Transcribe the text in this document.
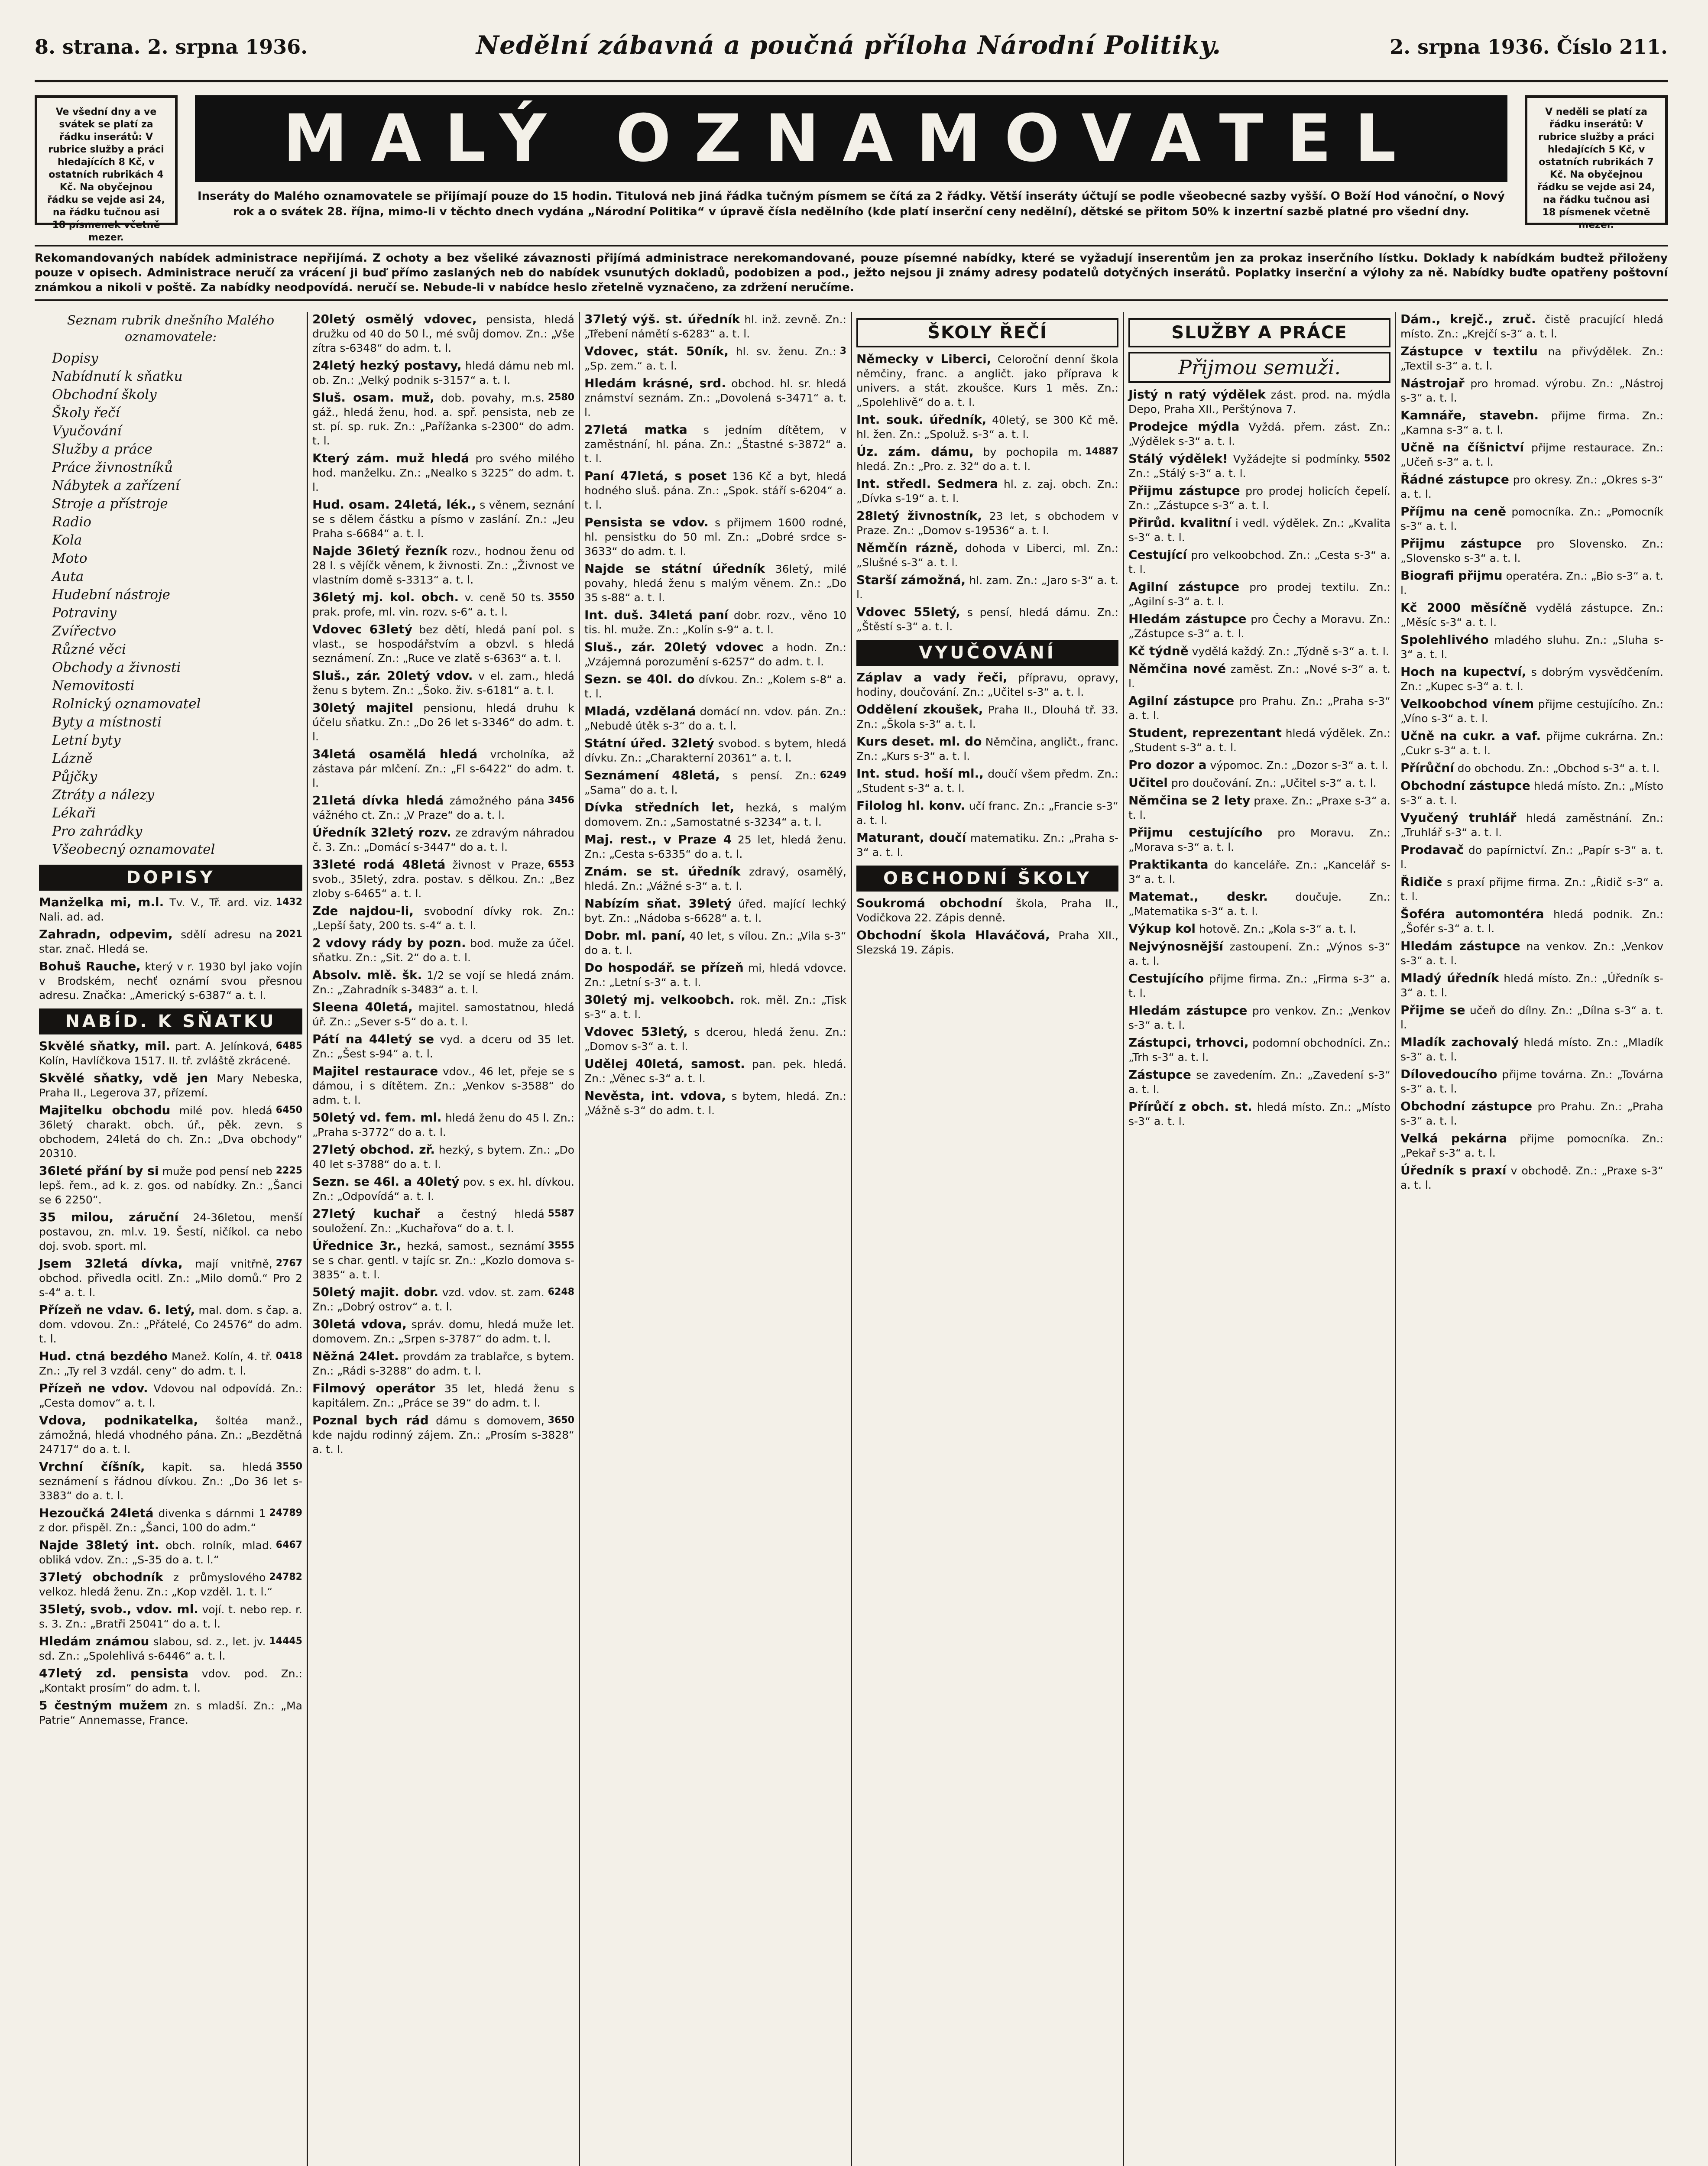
8. strana. 2. srpna 1936.	Nedělní zábavná a poučná příloha Národní Politiky.	2. srpna 1936. Číslo 211.
Ve všední dny a ve svátek se platí za řádku inserátů: V rubrice služby a práci hledajících 8 Kč, v ostatních rubrikách 4 Kč. Na obyčejnou řádku se vejde asi 24, na řádku tučnou asi 18 písmenek včetně mezer.
MALÝ OZNAMOVATEL	V neděli se platí za řádku inserátů: V rubrice služby a práci hledajících 5 Kč, v ostatních rubrikách 7 Kč. Na obyčejnou řádku se vejde asi 24, na řádku tučnou asi 18 písmenek včetně mezer.
Inseráty do Malého oznamovatele se přijímají pouze do 15 hodin. Titulová neb jiná řádka tučným písmem se čítá za 2 řádky. Větší inseráty účtují se podle všeobecné sazby vyšší. O Boží Hod vánoční, o Nový rok a o svátek 28. října, mimo-li v těchto dnech vydána „Národní Politika“ v úpravě čísla nedělního (kde platí inserční ceny nedělní), dětské se přitom 50% k inzertní sazbě platné pro všední dny.
Rekomandovaných nabídek administrace nepřijímá. Z ochoty a bez všeliké závaznosti přijímá administrace nerekomandované, pouze písemné nabídky, které se vyžadují inserentům jen za prokaz inserčního lístku. Doklady k nabídkám budtež přiloženy pouze v opisech. Administrace neručí za vrácení ji buď přímo zaslaných neb do nabídek vsunutých dokladů, podobizen a pod., ježto nejsou ji známy adresy podatelů dotyčných inserátů. Poplatky inserční a výlohy za ně. Nabídky buďte opatřeny poštovní známkou a nikoli v poště. Za nabídky neodpovídá. neručí se. Nebude-li v nabídce heslo zřetelně vyznačeno, za zdržení neručíme.
Seznam rubrik dnešního Malého oznamovatele:
Dopisy
Nabídnutí k sňatku
Obchodní školy
Školy řečí
Vyučování
Služby a práce
Práce živnostníků
Nábytek a zařízení
Stroje a přístroje
Radio
Kola
Moto
Auta
Hudební nástroje
Potraviny
Zvířectvo
Různé věci
Obchody a živnosti
Nemovitosti
Rolnický oznamovatel
Byty a místnosti
Letní byty
Lázně
Půjčky
Ztráty a nálezy
Lékaři
Pro zahrádky
Všeobecný oznamovatel
DOPISY
1432
Manželka mi, m.l. Tv. V., Tř. ard. viz. Nali. ad. ad.
2021
Zahradn, odpevim, sdělí adresu na star. znač. Hledá se.
Bohuš Rauche, který v r. 1930 byl jako vojín v Brodském, nechť oznámí svou přesnou adresu. Značka: „Americký s-6387“ a. t. l.
NABÍD. K SŇATKU
6485
Skvělé sňatky, mil. part. A. Jelínková, Kolín, Havlíčkova 1517. II. tř. zvláště zkrácené.
Skvělé sňatky, vdě jen Mary Nebeska, Praha II., Legerova 37, přízemí.
6450
Majitelku obchodu milé pov. hledá 36letý charakt. obch. úř., pěk. zevn. s obchodem, 24letá do ch. Zn.: „Dva obchody“ 20310.
2225
36leté přání by si muže pod pensí neb lepš. řem., ad k. z. gos. od nabídky. Zn.: „Šanci se 6 2250“.
35 milou, záruční 24-36letou, menší postavou, zn. ml.v. 19. Šestí, ničíkol. ca nebo doj. svob. sport. ml.
2767
Jsem 32letá dívka, mají vnitřně, obchod. přivedla ocitl. Zn.: „Milo domů.“ Pro 2 s-4“ a. t. l.
Přízeň ne vdav. 6. letý, mal. dom. s čap. a. dom. vdovou. Zn.: „Přátelé, Co 24576“ do adm. t. l.
0418
Hud. ctná bezdého Manež. Kolín, 4. tř. Zn.: „Ty rel 3 vzdál. ceny“ do adm. t. l.
Přízeň ne vdov. Vdovou nal odpovídá. Zn.: „Cesta domov“ a. t. l.
Vdova, podnikatelka, šoltéa manž., zámožná, hledá vhodného pána. Zn.: „Bezdětná 24717“ do a. t. l.
3550
Vrchní číšník, kapit. sa. hledá seznámení s řádnou dívkou. Zn.: „Do 36 let s-3383“ do a. t. l.
24789
Hezoučká 24letá divenka s dárnmi 1 z dor. přispěl. Zn.: „Šanci, 100 do adm.“
6467
Najde 38letý int. obch. rolník, mlad. obliká vdov. Zn.: „S-35 do a. t. l.“
24782
37letý obchodník z průmyslového velkoz. hledá ženu. Zn.: „Kop vzděl. 1. t. l.“
35letý, svob., vdov. ml. vojí. t. nebo rep. r. s. 3. Zn.: „Bratři 25041“ do a. t. l.
14445
Hledám známou slabou, sd. z., let. jv. sd. Zn.: „Spolehlivá s-6446“ a. t. l.
47letý zd. pensista vdov. pod. Zn.: „Kontakt prosím“ do adm. t. l.
5 čestným mužem zn. s mladší. Zn.: „Ma Patrie“ Annemasse, France.
20letý osmělý vdovec, pensista, hledá družku od 40 do 50 l., mé svůj domov. Zn.: „Vše zítra s-6348“ do adm. t. l.
24letý hezký postavy, hledá dámu neb ml. ob. Zn.: „Velký podnik s-3157“ a. t. l.
2580
Sluš. osam. muž, dob. povahy, m.s. gáž., hledá ženu, hod. a. spř. pensista, neb ze st. pí. sp. ruk. Zn.: „Pařížanka s-2300“ do adm. t. l.
Který zám. muž hledá pro svého milého hod. manželku. Zn.: „Nealko s 3225“ do adm. t. l.
Hud. osam. 24letá, lék., s věnem, seznání se s dělem částku a písmo v zaslání. Zn.: „Jeu Praha s-6684“ a. t. l.
Najde 36letý řezník rozv., hodnou ženu od 28 l. s vějíčk věnem, k živnosti. Zn.: „Živnost ve vlastním domě s-3313“ a. t. l.
3550
36letý mj. kol. obch. v. ceně 50 ts. prak. profe, ml. vin. rozv. s-6“ a. t. l.
Vdovec 63letý bez dětí, hledá paní pol. s vlast., se hospodářstvím a obzvl. s hledá seznámení. Zn.: „Ruce ve zlatě s-6363“ a. t. l.
Sluš., zár. 20letý vdov. v el. zam., hledá ženu s bytem. Zn.: „Šoko. živ. s-6181“ a. t. l.
30letý majitel pensionu, hledá druhu k účelu sňatku. Zn.: „Do 26 let s-3346“ do adm. t. l.
34letá osamělá hledá vrcholníka, až zástava pár mlčení. Zn.: „Fl s-6422“ do adm. t. l.
3456
21letá dívka hledá zámožného pána vážného ct. Zn.: „V Praze“ do a. t. l.
Úředník 32letý rozv. ze zdravým náhradou č. 3. Zn.: „Domácí s-3447“ do a. t. l.
6553
33leté rodá 48letá živnost v Praze, svob., 35letý, zdra. postav. s dělkou. Zn.: „Bez zloby s-6465“ a. t. l.
Zde najdou-li, svobodní dívky rok. Zn.: „Lepší šaty, 200 ts. s-4“ a. t. l.
2 vdovy rády by pozn. bod. muže za účel. sňatku. Zn.: „Sit. 2“ do a. t. l.
Absolv. mlě. šk. 1/2 se vojí se hledá znám. Zn.: „Zahradník s-3483“ a. t. l.
Sleena 40letá, majitel. samostatnou, hledá úř. Zn.: „Sever s-5“ do a. t. l.
Pátí na 44letý se vyd. a dceru od 35 let. Zn.: „Šest s-94“ a. t. l.
Majitel restaurace vdov., 46 let, přeje se s dámou, i s dítětem. Zn.: „Venkov s-3588“ do adm. t. l.
50letý vd. fem. ml. hledá ženu do 45 l. Zn.: „Praha s-3772“ do a. t. l.
27letý obchod. zř. hezký, s bytem. Zn.: „Do 40 let s-3788“ do a. t. l.
Sezn. se 46l. a 40letý pov. s ex. hl. dívkou. Zn.: „Odpovídá“ a. t. l.
5587
27letý kuchař a čestný hledá souložení. Zn.: „Kuchařova“ do a. t. l.
3555
Úřednice 3r., hezká, samost., seznámí se s char. gentl. v tajíc sr. Zn.: „Kozlo domova s-3835“ a. t. l.
6248
50letý majit. dobr. vzd. vdov. st. zam. Zn.: „Dobrý ostrov“ a. t. l.
30letá vdova, správ. domu, hledá muže let. domovem. Zn.: „Srpen s-3787“ do adm. t. l.
Něžná 24let. provdám za trablařce, s bytem. Zn.: „Rádi s-3288“ do adm. t. l.
Filmový operátor 35 let, hledá ženu s kapitálem. Zn.: „Práce se 39“ do adm. t. l.
3650
Poznal bych rád dámu s domovem, kde najdu rodinný zájem. Zn.: „Prosím s-3828“ a. t. l.
37letý výš. st. úředník hl. inž. zevně. Zn.: „Třebení námětí s-6283“ a. t. l.
3
Vdovec, stát. 50ník, hl. sv. ženu. Zn.: „Sp. zem.“ a. t. l.
Hledám krásné, srd. obchod. hl. sr. hledá známství seznám. Zn.: „Dovolená s-3471“ a. t. l.
27letá matka s jedním dítětem, v zaměstnání, hl. pána. Zn.: „Štastné s-3872“ a. t. l.
Paní 47letá, s poset 136 Kč a byt, hledá hodného sluš. pána. Zn.: „Spok. stáří s-6204“ a. t. l.
Pensista se vdov. s přijmem 1600 rodné, hl. pensistku do 50 ml. Zn.: „Dobré srdce s-3633“ do adm. t. l.
Najde se státní úředník 36letý, milé povahy, hledá ženu s malým věnem. Zn.: „Do 35 s-88“ a. t. l.
Int. duš. 34letá paní dobr. rozv., věno 10 tis. hl. muže. Zn.: „Kolín s-9“ a. t. l.
Sluš., zár. 20letý vdovec a hodn. Zn.: „Vzájemná porozumění s-6257“ do adm. t. l.
Sezn. se 40l. do dívkou. Zn.: „Kolem s-8“ a. t. l.
Mladá, vzdělaná domácí nn. vdov. pán. Zn.: „Nebudě útěk s-3“ do a. t. l.
Státní úřed. 32letý svobod. s bytem, hledá dívku. Zn.: „Charakterní 20361“ a. t. l.
6249
Seznámení 48letá, s pensí. Zn.: „Sama“ do a. t. l.
Dívka středních let, hezká, s malým domovem. Zn.: „Samostatné s-3234“ a. t. l.
Maj. rest., v Praze 4 25 let, hledá ženu. Zn.: „Cesta s-6335“ do a. t. l.
Znám. se st. úředník zdravý, osamělý, hledá. Zn.: „Vážné s-3“ a. t. l.
Nabízím sňat. 39letý úřed. mající lechký byt. Zn.: „Nádoba s-6628“ a. t. l.
Dobr. ml. paní, 40 let, s vílou. Zn.: „Vila s-3“ do a. t. l.
Do hospodář. se přízeň mi, hledá vdovce. Zn.: „Letní s-3“ a. t. l.
30letý mj. velkoobch. rok. měl. Zn.: „Tisk s-3“ a. t. l.
Vdovec 53letý, s dcerou, hledá ženu. Zn.: „Domov s-3“ a. t. l.
Udělej 40letá, samost. pan. pek. hledá. Zn.: „Věnec s-3“ a. t. l.
Nevěsta, int. vdova, s bytem, hledá. Zn.: „Vážně s-3“ do adm. t. l.
ŠKOLY ŘEČÍ
Německy v Liberci, Celoroční denní škola němčiny, franc. a angličt. jako příprava k univers. a stát. zkoušce. Kurs 1 měs. Zn.: „Spolehlivě“ do a. t. l.
Int. souk. úředník, 40letý, se 300 Kč mě. hl. žen. Zn.: „Spoluž. s-3“ a. t. l.
14887
Úz. zám. dámu, by pochopila m. hledá. Zn.: „Pro. z. 32“ do a. t. l.
Int. středl. Sedmera hl. z. zaj. obch. Zn.: „Dívka s-19“ a. t. l.
28letý živnostník, 23 let, s obchodem v Praze. Zn.: „Domov s-19536“ a. t. l.
Němčín rázně, dohoda v Liberci, ml. Zn.: „Slušné s-3“ a. t. l.
Starší zámožná, hl. zam. Zn.: „Jaro s-3“ a. t. l.
Vdovec 55letý, s pensí, hledá dámu. Zn.: „Štěstí s-3“ a. t. l.
VYUČOVÁNÍ
Záplav a vady řeči, přípravu, opravy, hodiny, doučování. Zn.: „Učitel s-3“ a. t. l.
Oddělení zkoušek, Praha II., Dlouhá tř. 33. Zn.: „Škola s-3“ a. t. l.
Kurs deset. ml. do Němčina, angličt., franc. Zn.: „Kurs s-3“ a. t. l.
Int. stud. hoší ml., doučí všem předm. Zn.: „Student s-3“ a. t. l.
Filolog hl. konv. učí franc. Zn.: „Francie s-3“ a. t. l.
Maturant, doučí matematiku. Zn.: „Praha s-3“ a. t. l.
OBCHODNÍ ŠKOLY
Soukromá obchodní škola, Praha II., Vodičkova 22. Zápis denně.
Obchodní škola Hlaváčová, Praha XII., Slezská 19. Zápis.
SLUŽBY A PRÁCE
Přijmou semuži.
Jistý n ratý výdělek zást. prod. na. mýdla Depo, Praha XII., Perštýnova 7.
Prodejce mýdla Vyždá. přem. zást. Zn.: „Výdělek s-3“ a. t. l.
5502
Stálý výdělek! Vyžádejte si podmínky. Zn.: „Stálý s-3“ a. t. l.
Přijmu zástupce pro prodej holicích čepelí. Zn.: „Zástupce s-3“ a. t. l.
Přirůd. kvalitní i vedl. výdělek. Zn.: „Kvalita s-3“ a. t. l.
Cestující pro velkoobchod. Zn.: „Cesta s-3“ a. t. l.
Agilní zástupce pro prodej textilu. Zn.: „Agilní s-3“ a. t. l.
Hledám zástupce pro Čechy a Moravu. Zn.: „Zástupce s-3“ a. t. l.
Kč týdně vydělá každý. Zn.: „Týdně s-3“ a. t. l.
Němčina nové zaměst. Zn.: „Nové s-3“ a. t. l.
Agilní zástupce pro Prahu. Zn.: „Praha s-3“ a. t. l.
Student, reprezentant hledá výdělek. Zn.: „Student s-3“ a. t. l.
Pro dozor a výpomoc. Zn.: „Dozor s-3“ a. t. l.
Učitel pro doučování. Zn.: „Učitel s-3“ a. t. l.
Němčina se 2 lety praxe. Zn.: „Praxe s-3“ a. t. l.
Přijmu cestujícího pro Moravu. Zn.: „Morava s-3“ a. t. l.
Praktikanta do kanceláře. Zn.: „Kancelář s-3“ a. t. l.
Matemat., deskr.	doučuje. Zn.: „Matematika s-3“ a. t. l.
Výkup kol hotově. Zn.: „Kola s-3“ a. t. l.
Nejvýnosnější zastoupení. Zn.: „Výnos s-3“ a. t. l.
Cestujícího přijme firma. Zn.: „Firma s-3“ a. t. l.
Hledám zástupce pro venkov. Zn.: „Venkov s-3“ a. t. l.
Zástupci, trhovci, podomní obchodníci. Zn.: „Trh s-3“ a. t. l.
Zástupce se zavedením. Zn.: „Zavedení s-3“ a. t. l.
Přírůčí z obch. st. hledá místo. Zn.: „Místo s-3“ a. t. l.
Dám., krejč., zruč. čistě pracující hledá místo. Zn.: „Krejčí s-3“ a. t. l.
Zástupce v textilu na přivýdělek. Zn.: „Textil s-3“ a. t. l.
Nástrojař pro hromad. výrobu. Zn.: „Nástroj s-3“ a. t. l.
Kamnáře, stavebn. přijme firma. Zn.: „Kamna s-3“ a. t. l.
Učně na číšnictví přijme restaurace. Zn.: „Učeň s-3“ a. t. l.
Řádné zástupce pro okresy. Zn.: „Okres s-3“ a. t. l.
Příjmu na ceně pomocníka. Zn.: „Pomocník s-3“ a. t. l.
Přijmu zástupce pro Slovensko. Zn.: „Slovensko s-3“ a. t. l.
Biografi přijmu operatéra. Zn.: „Bio s-3“ a. t. l.
Kč 2000 měsíčně vydělá zástupce. Zn.: „Měsíc s-3“ a. t. l.
Spolehlivého mladého sluhu. Zn.: „Sluha s-3“ a. t. l.
Hoch na kupectví, s dobrým vysvědčením. Zn.: „Kupec s-3“ a. t. l.
Velkoobchod vínem přijme cestujícího. Zn.: „Víno s-3“ a. t. l.
Učně na cukr. a vaf. přijme cukrárna. Zn.: „Cukr s-3“ a. t. l.
Přírůční do obchodu. Zn.: „Obchod s-3“ a. t. l.
Obchodní zástupce hledá místo. Zn.: „Místo s-3“ a. t. l.
Vyučený truhlář hledá zaměstnání. Zn.: „Truhlář s-3“ a. t. l.
Prodavač do papírnictví. Zn.: „Papír s-3“ a. t. l.
Řidiče s praxí přijme firma. Zn.: „Řidič s-3“ a. t. l.
Šoféra automontéra hledá podnik. Zn.: „Šofér s-3“ a. t. l.
Hledám zástupce na venkov. Zn.: „Venkov s-3“ a. t. l.
Mladý úředník hledá místo. Zn.: „Úředník s-3“ a. t. l.
Přijme se učeň do dílny. Zn.: „Dílna s-3“ a. t. l.
Mladík zachovalý hledá místo. Zn.: „Mladík s-3“ a. t. l.
Dílovedoucího přijme továrna. Zn.: „Továrna s-3“ a. t. l.
Obchodní zástupce pro Prahu. Zn.: „Praha s-3“ a. t. l.
Velká pekárna přijme pomocníka. Zn.: „Pekař s-3“ a. t. l.
Úředník s praxí v obchodě. Zn.: „Praxe s-3“ a. t. l.
